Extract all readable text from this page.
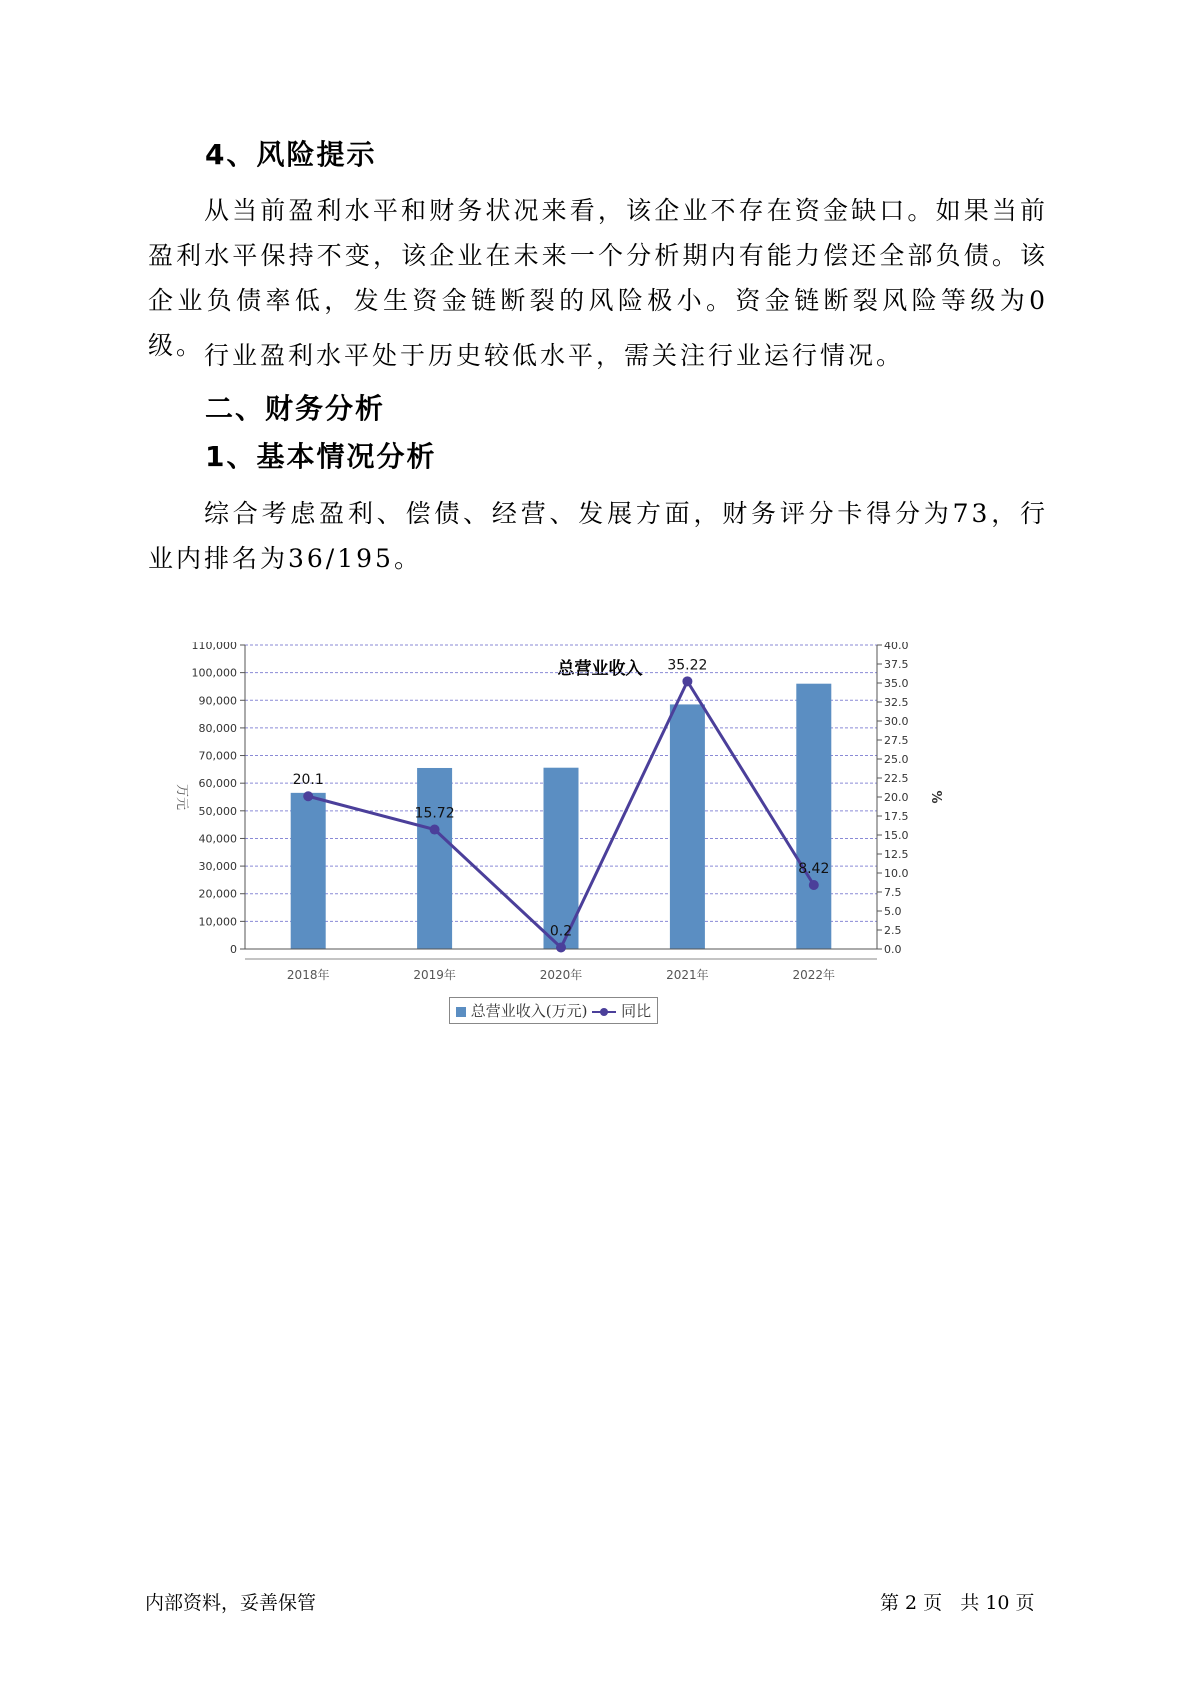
4、风险提示

从当前盈利水平和财务状况来看，该企业不存在资金缺口。如果当前盈利水平保持不变，该企业在未来一个分析期内有能力偿还全部负债。该企业负债率低，发生资金链断裂的风险极小。资金链断裂风险等级为0级。 行业盈利水平处于历史较低水平，需关注行业运行情况。

二、财务分析
1、基本情况分析

综合考虑盈利、偿债、经营、发展方面，财务评分卡得分为73，行业内排名为36/195。

总营业收入
0
10,000
20,000
30,000
40,000
50,000
60,000
70,000
80,000
90,000
100,000
110,000
0.0
2.5
5.0
7.5
10.0
12.5
15.0
17.5
20.0
22.5
25.0
27.5
30.0
32.5
35.0
37.5
40.0
2018年	2019年	2020年	2021年	2022年
20.1
15.72
0.2
35.22
8.42
万元	%
总营业收入(万元) 同比
内部资料，妥善保管	第 2 页   共 10 页
